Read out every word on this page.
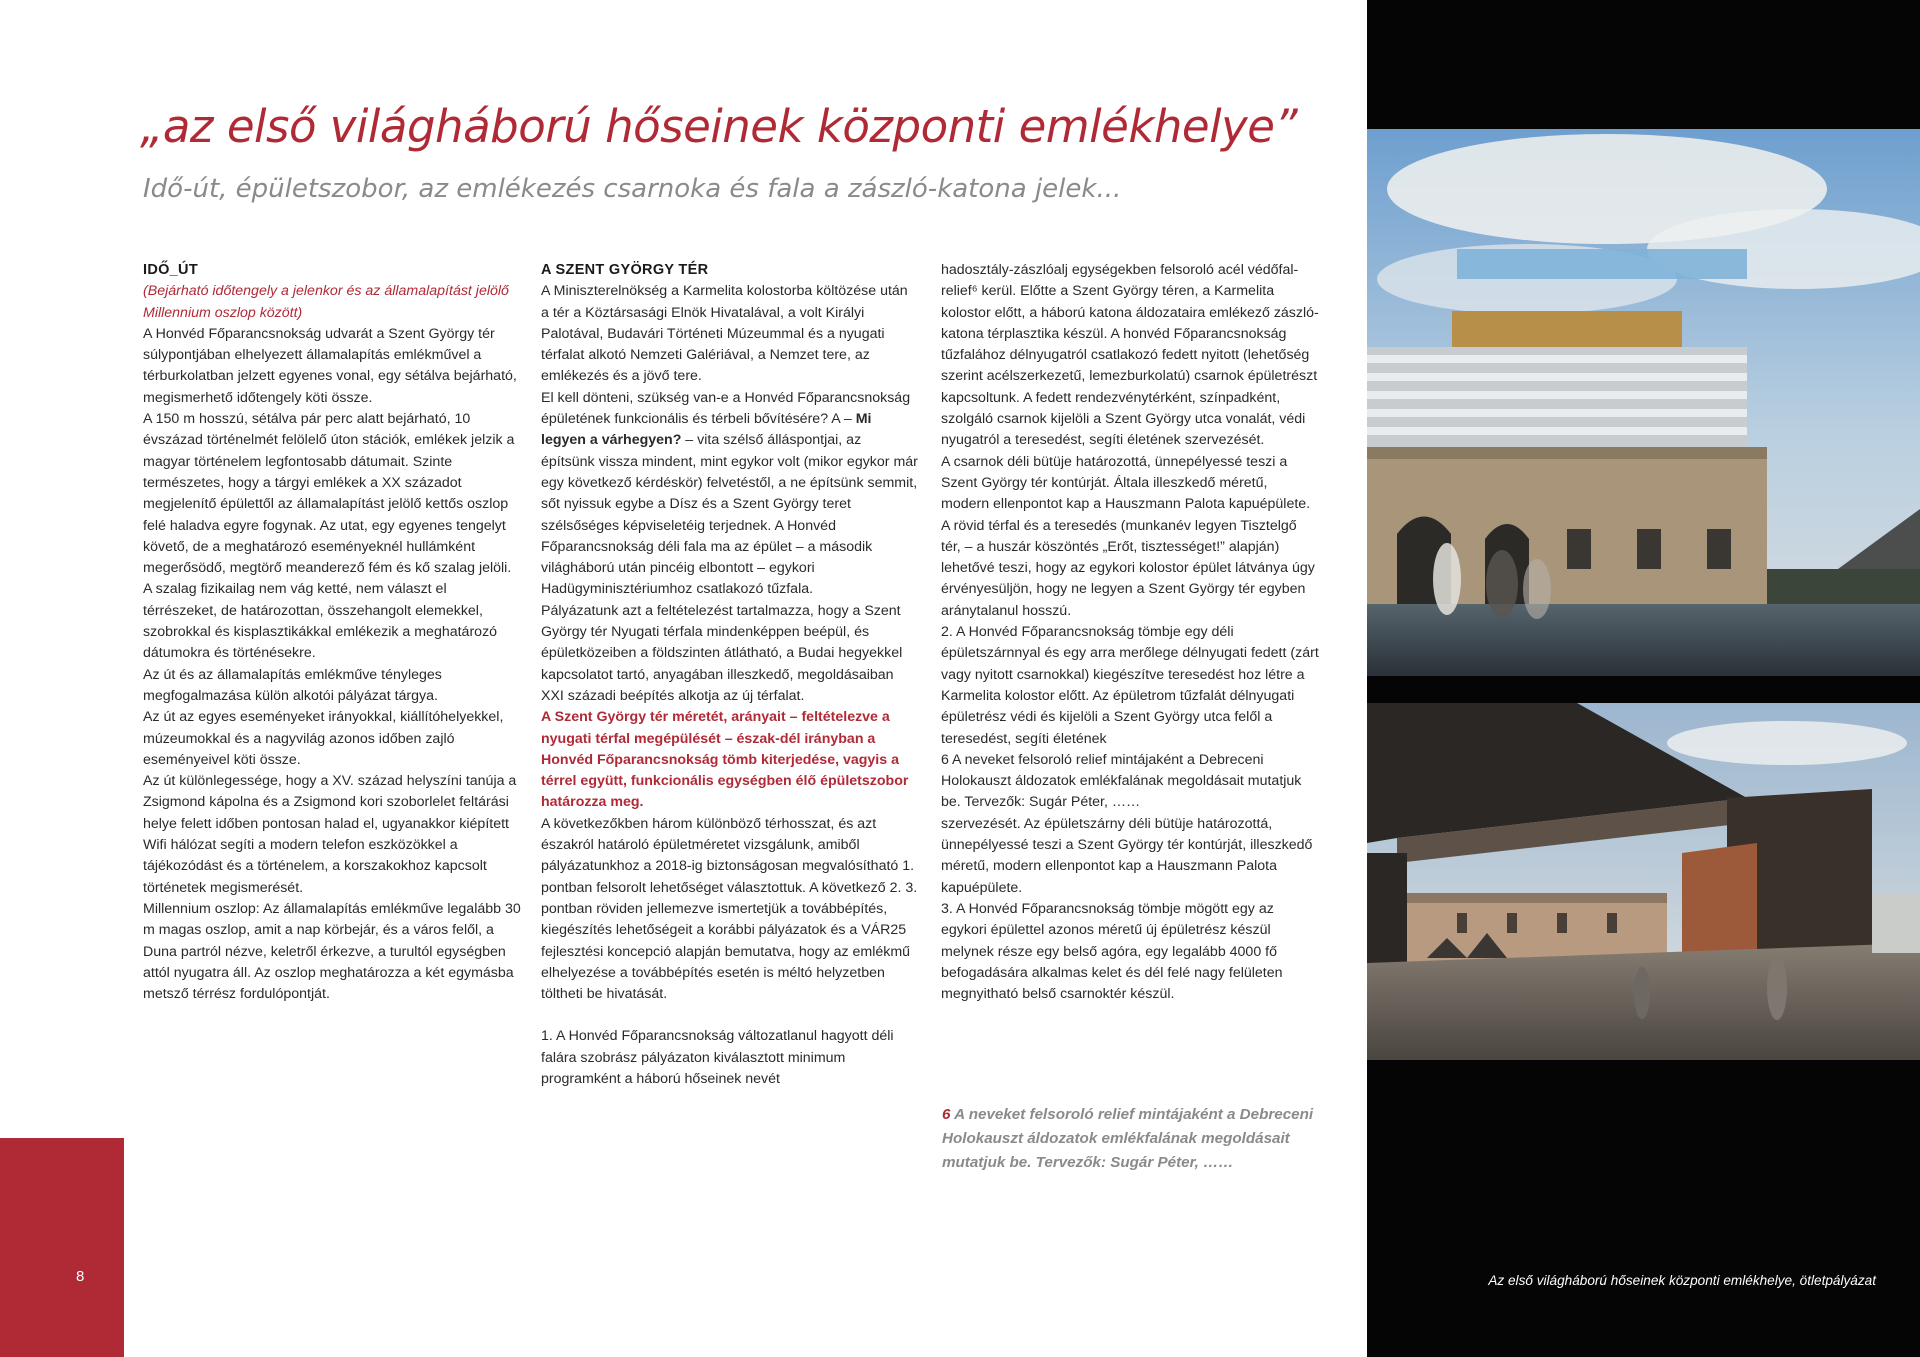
„az első világháború hőseinek központi emlékhelye”
Idő-út, épületszobor, az emlékezés csarnoka és fala a zászló-katona jelek...

IDŐ_ÚT

(Bejárható időtengely a jelenkor és az államalapítást jelölő Millennium oszlop között)

A Honvéd Főparancsnokság udvarát a Szent György tér súlypontjában elhelyezett államalapítás emlékművel a térburkolatban jelzett egyenes vonal, egy sétálva bejárható, megismerhető időtengely köti össze.

A 150 m hosszú, sétálva pár perc alatt bejárható, 10 évszázad történelmét felölelő úton stációk, emlékek jelzik a magyar történelem legfontosabb dátumait. Szinte természetes, hogy a tárgyi emlékek a XX századot megjelenítő épülettől az államalapítást jelölő kettős oszlop felé haladva egyre fogynak. Az utat, egy egyenes tengelyt követő, de a meghatározó eseményeknél hullámként megerősödő, megtörő meanderező fém és kő szalag jelöli. A szalag fizikailag nem vág ketté, nem választ el térrészeket, de határozottan, összehangolt elemekkel, szobrokkal és kisplasztikákkal emlékezik a meghatározó dátumokra és történésekre.

Az út és az államalapítás emlékműve tényleges megfogalmazása külön alkotói pályázat tárgya.

Az út az egyes eseményeket irányokkal, kiállítóhelyekkel, múzeumokkal és a nagyvilág azonos időben zajló eseményeivel köti össze.

Az út különlegessége, hogy a XV. század helyszíni tanúja a Zsigmond kápolna és a Zsigmond kori szoborlelet feltárási helye felett időben pontosan halad el, ugyanakkor kiépített Wifi hálózat segíti a modern telefon eszközökkel a tájékozódást és a történelem, a korszakokhoz kapcsolt történetek megismerését.

Millennium oszlop: Az államalapítás emlékműve legalább 30 m magas oszlop, amit a nap körbejár, és a város felől, a Duna partról nézve, keletről érkezve, a turultól egységben attól nyugatra áll. Az oszlop meghatározza a két egymásba metsző térrész fordulópontját.

A SZENT GYÖRGY TÉR

A Miniszterelnökség a Karmelita kolostorba költözése után a tér a Köztársasági Elnök Hivatalával, a volt Királyi Palotával, Budavári Történeti Múzeummal és a nyugati térfalat alkotó Nemzeti Galériával, a Nemzet tere, az emlékezés és a jövő tere.

El kell dönteni, szükség van-e a Honvéd Főparancsnokság épületének funkcionális és térbeli bővítésére? A – Mi legyen a várhegyen? – vita szélső álláspontjai, az építsünk vissza mindent, mint egykor volt (mikor egykor már egy következő kérdéskör) felvetéstől, a ne építsünk semmit, sőt nyissuk egybe a Dísz és a Szent György teret szélsőséges képviseletéig terjednek. A Honvéd Főparancsnokság déli fala ma az épület – a második világháború után pincéig elbontott – egykori Hadügyminisztériumhoz csatlakozó tűzfala.

Pályázatunk azt a feltételezést tartalmazza, hogy a Szent György tér Nyugati térfala mindenképpen beépül, és épületközeiben a földszinten átlátható, a Budai hegyekkel kapcsolatot tartó, anyagában illeszkedő, megoldásaiban XXI századi beépítés alkotja az új térfalat.

A Szent György tér méretét, arányait – feltételezve a nyugati térfal megépülését – észak-dél irányban a Honvéd Főparancsnokság tömb kiterjedése, vagyis a térrel együtt, funkcionális egységben élő épületszobor határozza meg.

A következőkben három különböző térhosszat, és azt északról határoló épületméretet vizsgálunk, amiből pályázatunkhoz a 2018-ig biztonságosan megvalósítható 1. pontban felsorolt lehetőséget választottuk. A következő 2. 3. pontban röviden jellemezve ismertetjük a továbbépítés, kiegészítés lehetőségeit a korábbi pályázatok és a VÁR25 fejlesztési koncepció alapján bemutatva, hogy az emlékmű elhelyezése a továbbépítés esetén is méltó helyzetben töltheti be hivatását.

1. A Honvéd Főparancsnokság változatlanul hagyott déli falára szobrász pályázaton kiválasztott minimum programként a háború hőseinek nevét

hadosztály-zászlóalj egységekben felsoroló acél védőfal-relief⁶ kerül. Előtte a Szent György téren, a Karmelita kolostor előtt, a háború katona áldozataira emlékező zászló-katona térplasztika készül. A honvéd Főparancsnokság tűzfalához délnyugatról csatlakozó fedett nyitott (lehetőség szerint acélszerkezetű, lemezburkolatú) csarnok épületrészt kapcsoltunk. A fedett rendezvénytérként, színpadként, szolgáló csarnok kijelöli a Szent György utca vonalát, védi nyugatról a teresedést, segíti életének szervezését.

A csarnok déli bütüje határozottá, ünnepélyessé teszi a Szent György tér kontúrját. Általa illeszkedő méretű, modern ellenpontot kap a Hauszmann Palota kapuépülete. A rövid térfal és a teresedés (munkanév legyen Tisztelgő tér, – a huszár köszöntés „Erőt, tisztességet!” alapján) lehetővé teszi, hogy az egykori kolostor épület látványa úgy érvényesüljön, hogy ne legyen a Szent György tér egyben aránytalanul hosszú.

2. A Honvéd Főparancsnokság tömbje egy déli épületszárnnyal és egy arra merőlege délnyugati fedett (zárt vagy nyitott csarnokkal) kiegészítve teresedést hoz létre a Karmelita kolostor előtt. Az épületrom tűzfalát délnyugati épületrész védi és kijelöli a Szent György utca felől a teresedést, segíti életének

6 A neveket felsoroló relief mintájaként a Debreceni Holokauszt áldozatok emlékfalának megoldásait mutatjuk be. Tervezők: Sugár Péter, ……

szervezését. Az épületszárny déli bütüje határozottá, ünnepélyessé teszi a Szent György tér kontúrját, illeszkedő méretű, modern ellenpontot kap a Hauszmann Palota kapuépülete.

3. A Honvéd Főparancsnokság tömbje mögött egy az egykori épülettel azonos méretű új épületrész készül melynek része egy belső agóra, egy legalább 4000 fő befogadására alkalmas kelet és dél felé nagy felületen megnyitható belső csarnoktér készül.

6 A neveket felsoroló relief mintájaként a Debreceni Holokauszt áldozatok emlékfalának megoldásait mutatjuk be. Tervezők: Sugár Péter, ……
Az első világháború hőseinek központi emlékhelye, ötletpályázat
8
